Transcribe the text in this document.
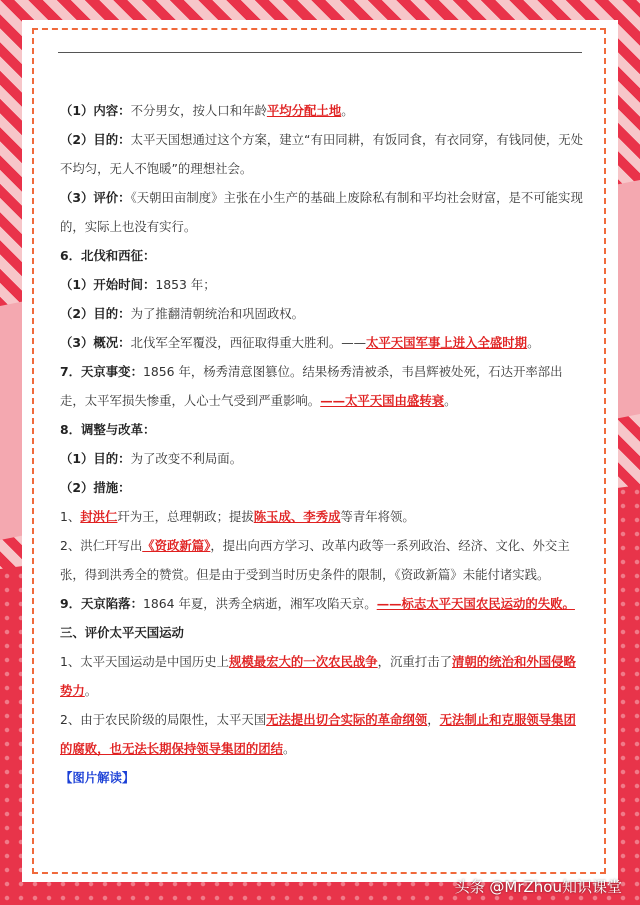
（1）内容：不分男女，按人口和年龄平均分配土地。

（2）目的：太平天国想通过这个方案，建立“有田同耕，有饭同食，有衣同穿，有钱同使，无处不均匀，无人不饱暖”的理想社会。

（3）评价：《天朝田亩制度》主张在小生产的基础上废除私有制和平均社会财富，是不可能实现的，实际上也没有实行。

6．北伐和西征：

（1）开始时间：1853 年；

（2）目的：为了推翻清朝统治和巩固政权。

（3）概况：北伐军全军覆没，西征取得重大胜利。——太平天国军事上进入全盛时期。

7．天京事变：1856 年，杨秀清意图篡位。结果杨秀清被杀，韦昌辉被处死，石达开率部出走，太平军损失惨重，人心士气受到严重影响。——太平天国由盛转衰。

8．调整与改革：

（1）目的：为了改变不利局面。

（2）措施：

1、封洪仁玕为王，总理朝政；提拔陈玉成、李秀成等青年将领。

2、洪仁玕写出《资政新篇》，提出向西方学习、改革内政等一系列政治、经济、文化、外交主张，得到洪秀全的赞赏。但是由于受到当时历史条件的限制，《资政新篇》未能付诸实践。

9．天京陷落：1864 年夏，洪秀全病逝，湘军攻陷天京。——标志太平天国农民运动的失败。

三、评价太平天国运动

1、太平天国运动是中国历史上规模最宏大的一次农民战争，沉重打击了清朝的统治和外国侵略势力。

2、由于农民阶级的局限性，太平天国无法提出切合实际的革命纲领，无法制止和克服领导集团的腐败，也无法长期保持领导集团的团结。

【图片解读】

头条 @MrZhou知识课堂
